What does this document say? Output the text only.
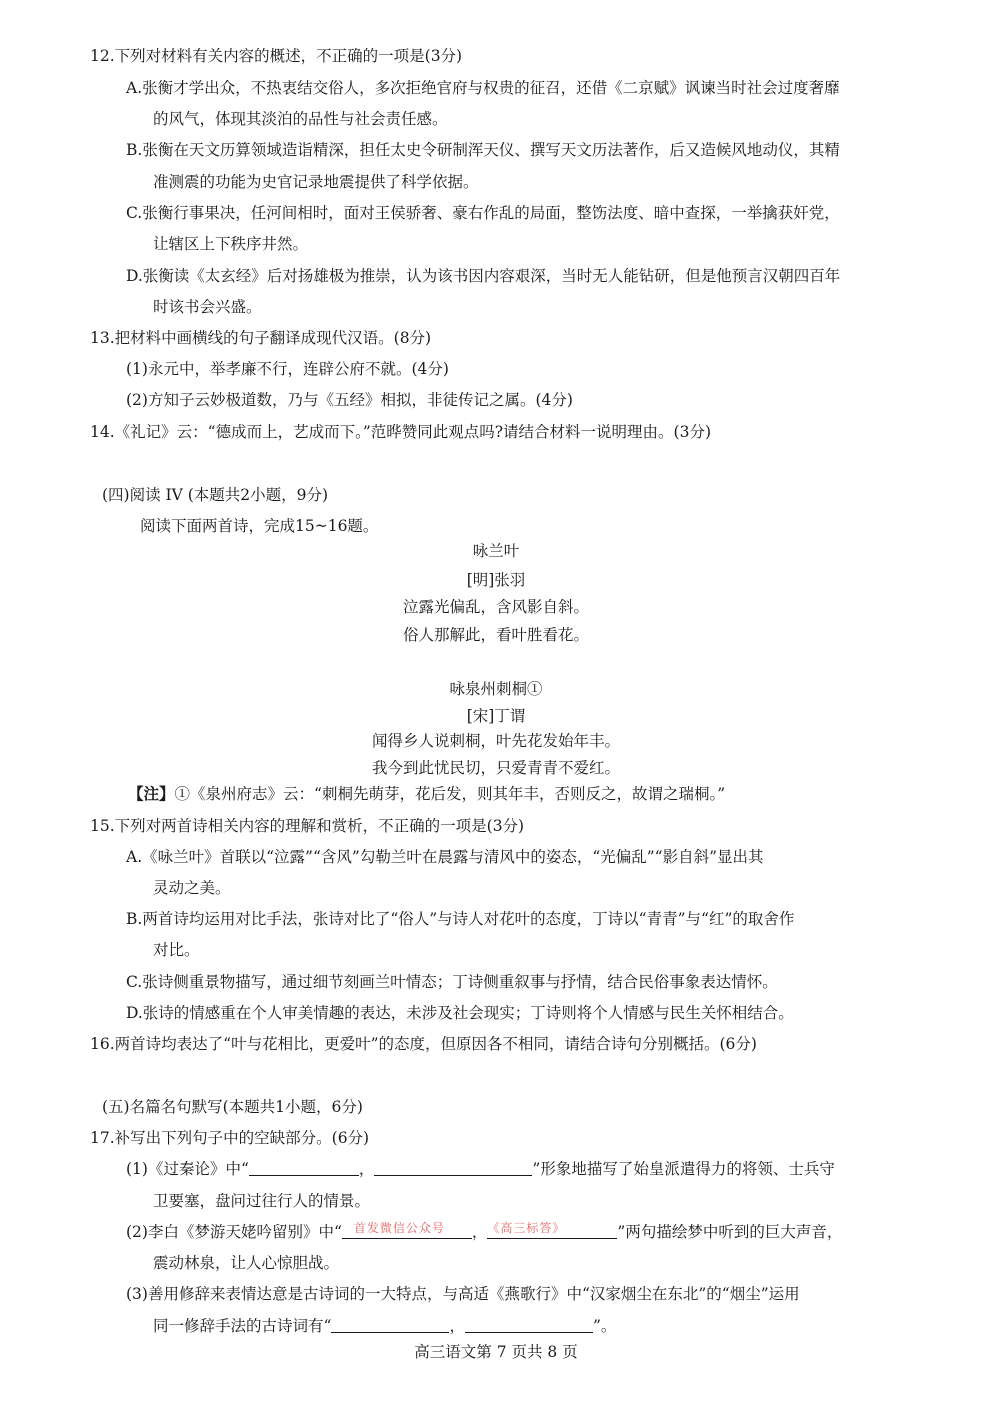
12.下列对材料有关内容的概述，不正确的一项是(3分)
A.张衡才学出众，不热衷结交俗人，多次拒绝官府与权贵的征召，还借《二京赋》讽谏当时社会过度奢靡
的风气，体现其淡泊的品性与社会责任感。
B.张衡在天文历算领域造诣精深，担任太史令研制浑天仪、撰写天文历法著作，后又造候风地动仪，其精
准测震的功能为史官记录地震提供了科学依据。
C.张衡行事果决，任河间相时，面对王侯骄奢、豪右作乱的局面，整饬法度、暗中查探，一举擒获奸党，
让辖区上下秩序井然。
D.张衡读《太玄经》后对扬雄极为推崇，认为该书因内容艰深，当时无人能钻研，但是他预言汉朝四百年
时该书会兴盛。
13.把材料中画横线的句子翻译成现代汉语。(8分)
(1)永元中，举孝廉不行，连辟公府不就。(4分)
(2)方知子云妙极道数，乃与《五经》相拟，非徒传记之属。(4分)
14.《礼记》云：“德成而上，艺成而下。”范晔赞同此观点吗?请结合材料一说明理由。(3分)
(四)阅读 IV (本题共2小题，9分)
阅读下面两首诗，完成15~16题。
咏兰叶
[明]张羽
泣露光偏乱，含风影自斜。
俗人那解此，看叶胜看花。
咏泉州刺桐①
[宋]丁谓
闻得乡人说刺桐，叶先花发始年丰。
我今到此忧民切，只爱青青不爱红。
【注】①《泉州府志》云：“刺桐先萌芽，花后发，则其年丰，否则反之，故谓之瑞桐。”
15.下列对两首诗相关内容的理解和赏析，不正确的一项是(3分)
A.《咏兰叶》首联以“泣露”“含风”勾勒兰叶在晨露与清风中的姿态，“光偏乱”“影自斜”显出其
灵动之美。
B.两首诗均运用对比手法，张诗对比了“俗人”与诗人对花叶的态度，丁诗以“青青”与“红”的取舍作
对比。
C.张诗侧重景物描写，通过细节刻画兰叶情态；丁诗侧重叙事与抒情，结合民俗事象表达情怀。
D.张诗的情感重在个人审美情趣的表达，未涉及社会现实；丁诗则将个人情感与民生关怀相结合。
16.两首诗均表达了“叶与花相比，更爱叶”的态度，但原因各不相同，请结合诗句分别概括。(6分)
(五)名篇名句默写(本题共1小题，6分)
17.补写出下列句子中的空缺部分。(6分)
(1)《过秦论》中“	，	”形象地描写了始皇派遣得力的将领、士兵守
卫要塞，盘问过往行人的情景。
(2)李白《梦游天姥吟留别》中“ 首发微信公众号 ， 《高三标答》	”两句描绘梦中听到的巨大声音，
震动林泉，让人心惊胆战。
(3)善用修辞来表情达意是古诗词的一大特点，与高适《燕歌行》中“汉家烟尘在东北”的“烟尘”运用
同一修辞手法的古诗词有“	，	”。
高三语文第 7 页共 8 页
